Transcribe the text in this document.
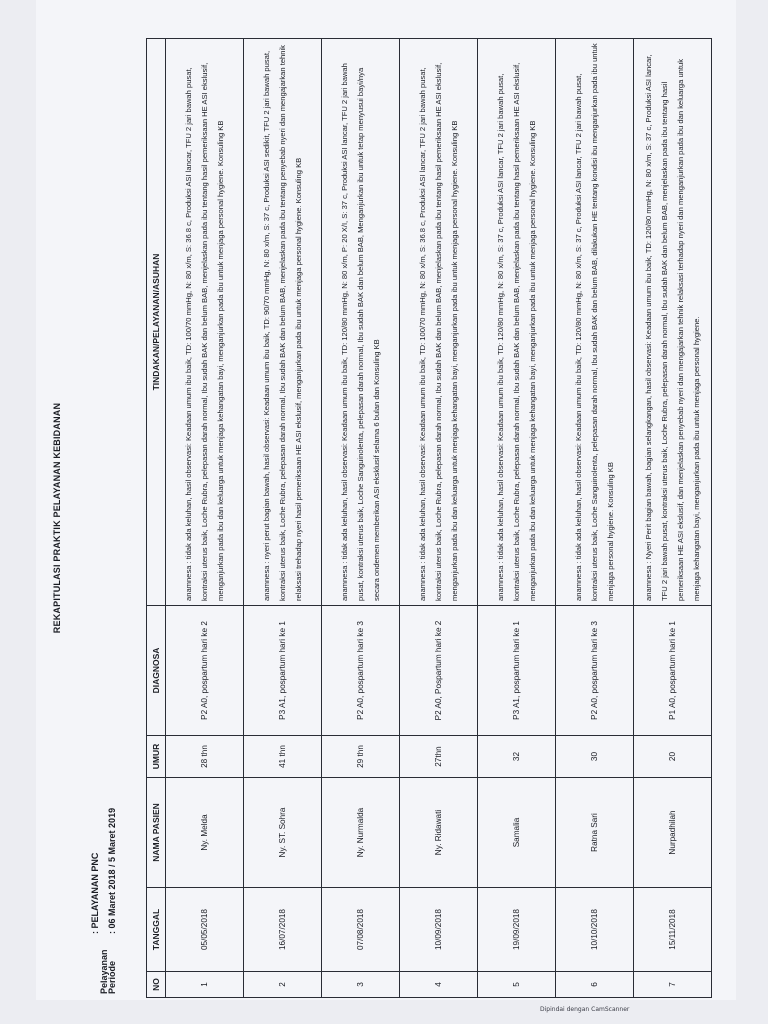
REKAPITULASI PRAKTIK PELAYANAN KEBIDANAN
Pelayanan: PELAYANAN PNC
Periode: 06 Maret 2018 / 5 Maret 2019
NO	TANGGAL	NAMA PASIEN	UMUR	DIAGNOSA	TINDAKAN/PELAYANAN/ASUHAN
1	05/05/2018	Ny. Melda	28 thn	P2 A0, pospartum hari ke 2	anamnesa : tidak ada keluhan, hasil observasi: Keadaan umum ibu baik, TD: 100/70 mmHg, N: 80 x/m, S: 36.8 c, Produksi ASI lancar, TFU 2 jari bawah pusat, kontraksi uterus baik, Loche Rubra, pelepasan darah normal, Ibu sudah BAK dan belum BAB, menjelaskan pada ibu tentang hasil pemeriksaan HE ASI ekslusif, menganjurkan pada ibu dan keluarga untuk menjaga kehangatan bayi, menganjurkan pada ibu untuk menjaga personal hygiene. Konsuling KB
2	16/07/2018	Ny. ST. Sohra	41 thn	P3 A1, pospartum hari ke 1	anamnesa : nyeri perut bagian bawah, hasil observasi: Keadaan umum ibu baik, TD: 90/70 mmHg, N: 80 x/m, S: 37 c, Produksi ASI sedikit, TFU 2 jari bawah pusat, kontraksi uterus baik, Loche Rubra, pelepasan darah normal, Ibu sudah BAK dan belum BAB, menjelaskan pada ibu tentang penyebab nyeri dan mengajarkan tehnik relaksasi trehadap nyeri hasil pemeriksaan HE ASI ekslusif, menganjurkan pada ibu untuk menjaga personal hygiene. Konsuling KB
3	07/08/2018	Ny. Nurmalda	29 thn	P2 A0, pospartum hari ke 3	anamnesa : tidak ada keluhan, hasil observasi: Keadaan umum ibu baik, TD: 120/80 mmHg, N: 80 x/m, P: 20 X/I, S: 37 c, Produksi ASI lancar, TFU 2 jari bawah pusat, kontraksi uterus baik, Loche Sanguinolenta, pelepasan darah normal, Ibu sudah BAK dan belum BAB, Menganjurkan ibu untuk tetap menyusui bayi/nya secara ondemen memberikan ASI eksklusif selama 6 bulan dan Konsuling KB
4	10/09/2018	Ny. Ridawati	27thn	P2 A0, Pospartum hari ke 2	anamnesa : tidak ada keluhan, hasil observasi: Keadaan umum ibu baik, TD: 100/70 mmHg, N: 80 x/m, S: 36.8 c, Produksi ASI lancar, TFU 2 jari bawah pusat, kontraksi uterus baik, Loche Rubra, pelepasan darah normal, Ibu sudah BAK dan belum BAB, menjelaskan pada ibu tentang hasil pemeriksaan HE ASI ekslusif, menganjurkan pada ibu dan keluarga untuk menjaga kehangatan bayi, menganjurkan pada ibu untuk menjaga personal hygiene. Konsuling KB
5	19/09/2018	Samalia	32	P3 A1, pospartum hari ke 1	anamnesa : tidak ada keluhan, hasil observasi: Keadaan umum ibu baik, TD: 120/80 mmHg, N: 80 x/m, S: 37 c, Produksi ASI lancar, TFU 2 jari bawah pusat, kontraksi uterus baik, Loche Rubra, pelepasan darah normal, Ibu sudah BAK dan belum BAB, menjelaskan pada ibu tentang hasil pemeriksaan HE ASI ekslusif, menganjurkan pada ibu dan keluarga untuk menjaga kehangatan bayi, menganjurkan pada ibu untuk menjaga personal hygiene. Konsuling KB
6	10/10/2018	Ratna Sari	30	P2 A0, pospartum hari ke 3	anamnesa : tidak ada keluhan, hasil observasi: Keadaan umum ibu baik, TD: 120/80 mmHg, N: 80 x/m, S: 37 c, Produksi ASI lancar, TFU 2 jari bawah pusat, kontraksi uterus baik, Loche Sanguinolenta, pelepasan darah normal, Ibu sudah BAK dan belum BAB, dilakukan HE tentang kondisi ibu menganjurkan pada ibu untuk menjaga personal hygiene. Konsuling KB
7	15/11/2018	Nurpadhilah	20	P1 A0, pospartum hari ke 1	anamnesa : Nyeri Perit bagian bawah, bagian selangkangan, hasil observasi: Keadaan umum ibu baik, TD: 120/80 mmHg, N: 80 x/m, S: 37 c, Produksi ASI lancar, TFU 2 jari bawah pusat, kontraksi uterus baik, Loche Rubra, pelepasan darah normal, Ibu sudah BAK dan belum BAB, menjelaskan pada ibu tentang hasil pemeriksaan HE ASI ekslusif, dan menjelaskan penyebab nyeri dan mengajarkan tehnik relaksasi terhadap nyeri dan menganjurkan pada ibu dan keluarga untuk menjaga kehangatan bayi, menganjurkan pada ibu untuk menjaga personal hygiene.
Dipindai dengan CamScanner
